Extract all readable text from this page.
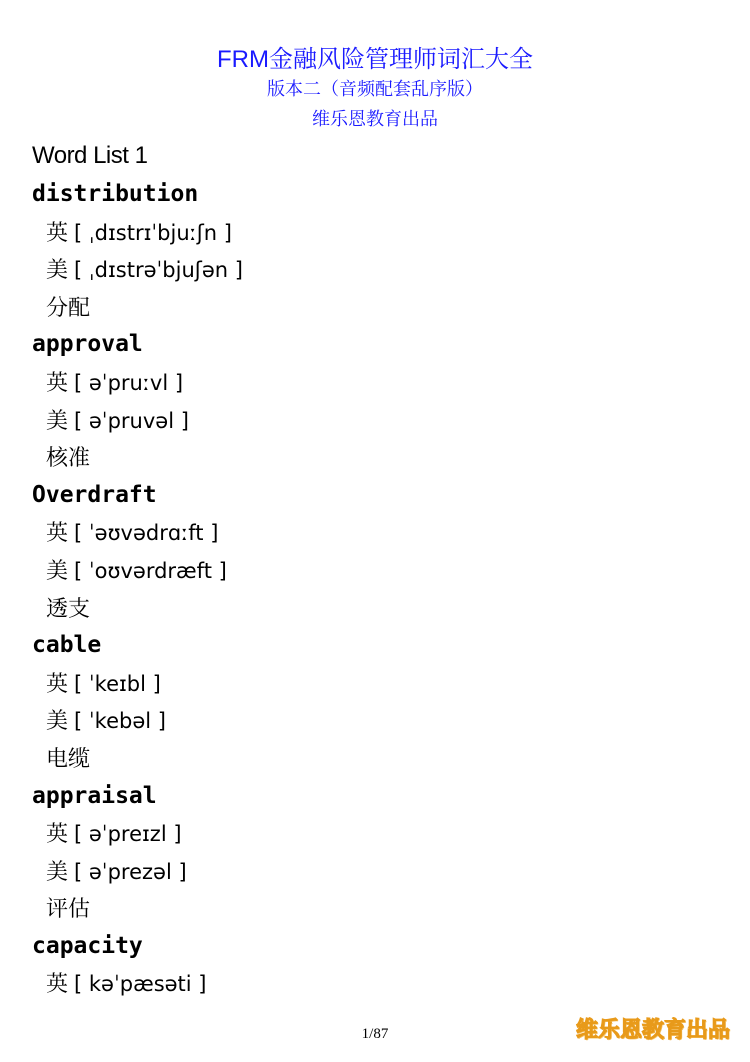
FRM金融风险管理师词汇大全
版本二（音频配套乱序版）
维乐恩教育出品
Word List 1
distribution
英 [ ˌdɪstrɪˈbjuːʃn ]
美 [ ˌdɪstrəˈbjuʃən ]
分配
approval
英 [ əˈpruːvl ]
美 [ əˈpruvəl ]
核准
Overdraft
英 [ ˈəʊvədrɑːft ]
美 [ ˈoʊvərdræft ]
透支
cable
英 [ ˈkeɪbl ]
美 [ ˈkebəl ]
电缆
appraisal
英 [ əˈpreɪzl ]
美 [ əˈprezəl ]
评估
capacity
英 [ kəˈpæsəti ]
1/87	维乐恩教育出品
